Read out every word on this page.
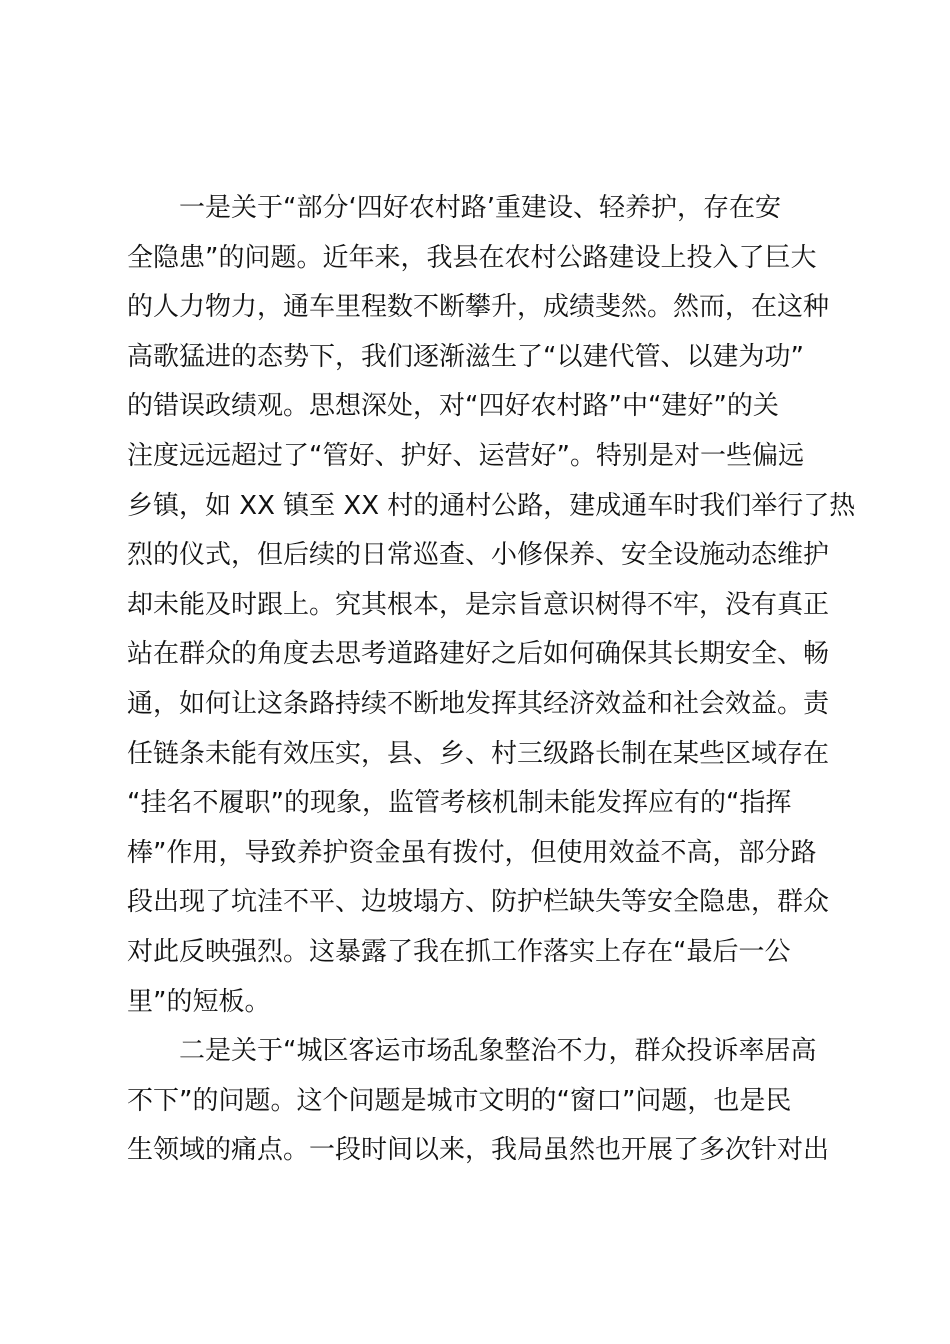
一是关于“部分‘四好农村路’重建设、轻养护，存在安
全隐患”的问题。近年来，我县在农村公路建设上投入了巨大
的人力物力，通车里程数不断攀升，成绩斐然。然而，在这种
高歌猛进的态势下，我们逐渐滋生了“以建代管、以建为功”
的错误政绩观。思想深处，对“四好农村路”中“建好”的关
注度远远超过了“管好、护好、运营好”。特别是对一些偏远
乡镇，如 XX 镇至 XX 村的通村公路，建成通车时我们举行了热
烈的仪式，但后续的日常巡查、小修保养、安全设施动态维护
却未能及时跟上。究其根本，是宗旨意识树得不牢，没有真正
站在群众的角度去思考道路建好之后如何确保其长期安全、畅
通，如何让这条路持续不断地发挥其经济效益和社会效益。责
任链条未能有效压实，县、乡、村三级路长制在某些区域存在
“挂名不履职”的现象，监管考核机制未能发挥应有的“指挥
棒”作用，导致养护资金虽有拨付，但使用效益不高，部分路
段出现了坑洼不平、边坡塌方、防护栏缺失等安全隐患，群众
对此反映强烈。这暴露了我在抓工作落实上存在“最后一公
里”的短板。
二是关于“城区客运市场乱象整治不力，群众投诉率居高
不下”的问题。这个问题是城市文明的“窗口”问题，也是民
生领域的痛点。一段时间以来，我局虽然也开展了多次针对出
